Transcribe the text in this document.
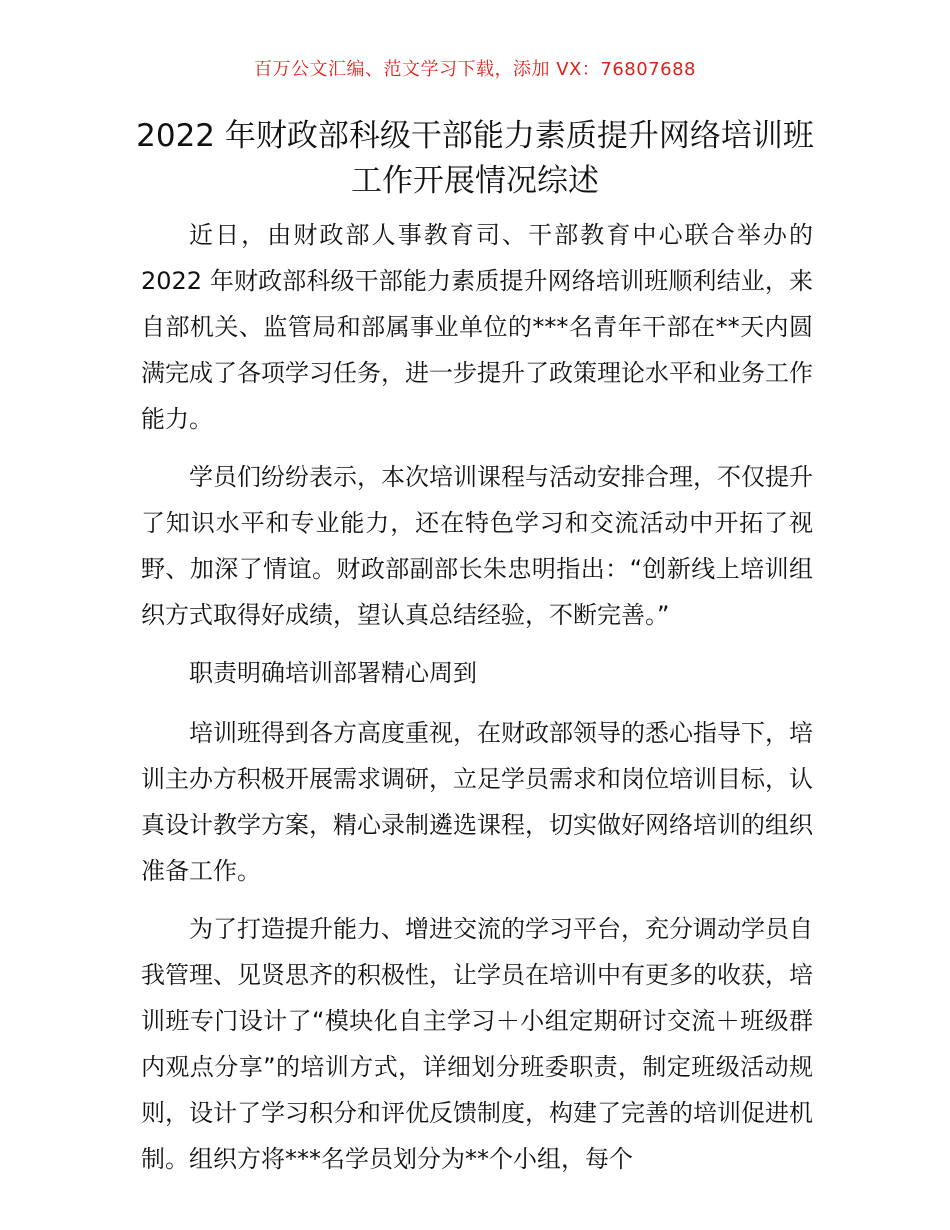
百万公文汇编、范文学习下载，添加 VX：76807688
2022 年财政部科级干部能力素质提升网络培训班工作开展情况综述

近日，由财政部人事教育司、干部教育中心联合举办的 2022 年财政部科级干部能力素质提升网络培训班顺利结业，来自部机关、监管局和部属事业单位的***名青年干部在**天内圆满完成了各项学习任务，进一步提升了政策理论水平和业务工作能力。

学员们纷纷表示，本次培训课程与活动安排合理，不仅提升了知识水平和专业能力，还在特色学习和交流活动中开拓了视野、加深了情谊。财政部副部长朱忠明指出：“创新线上培训组织方式取得好成绩，望认真总结经验，不断完善。”

职责明确培训部署精心周到

培训班得到各方高度重视，在财政部领导的悉心指导下，培训主办方积极开展需求调研，立足学员需求和岗位培训目标，认真设计教学方案，精心录制遴选课程，切实做好网络培训的组织准备工作。

为了打造提升能力、增进交流的学习平台，充分调动学员自我管理、见贤思齐的积极性，让学员在培训中有更多的收获，培训班专门设计了“模块化自主学习＋小组定期研讨交流＋班级群内观点分享”的培训方式，详细划分班委职责，制定班级活动规则，设计了学习积分和评优反馈制度，构建了完善的培训促进机制。组织方将***名学员划分为**个小组，每个
